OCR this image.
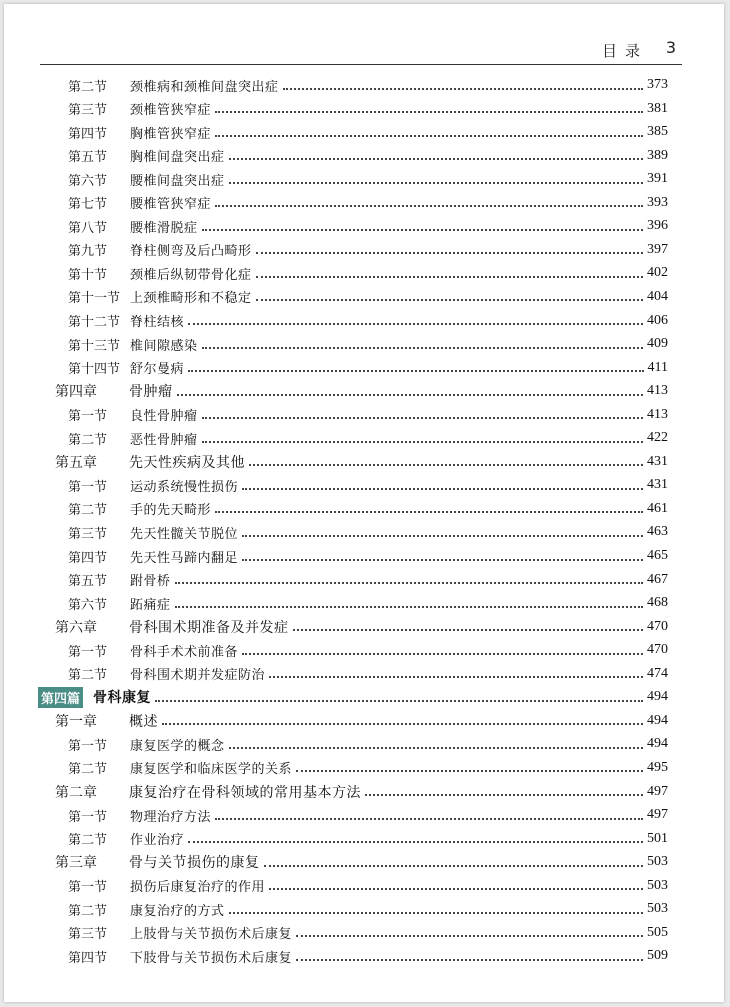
目录 3
第二节	颈椎病和颈椎间盘突出症	373
第三节	颈椎管狭窄症	381
第四节	胸椎管狭窄症	385
第五节	胸椎间盘突出症	389
第六节	腰椎间盘突出症	391
第七节	腰椎管狭窄症	393
第八节	腰椎滑脱症	396
第九节	脊柱侧弯及后凸畸形	397
第十节	颈椎后纵韧带骨化症	402
第十一节 上颈椎畸形和不稳定	404
第十二节 脊柱结核	406
第十三节 椎间隙感染	409
第十四节 舒尔曼病	411
第四章	骨肿瘤	413
第一节	良性骨肿瘤	413
第二节	恶性骨肿瘤	422
第五章	先天性疾病及其他	431
第一节	运动系统慢性损伤	431
第二节	手的先天畸形	461
第三节	先天性髋关节脱位	463
第四节	先天性马蹄内翻足	465
第五节	跗骨桥	467
第六节	跖痛症	468
第六章	骨科围术期准备及并发症	470
第一节	骨科手术术前准备	470
第二节	骨科围术期并发症防治	474
第四篇 骨科康复	494
第一章	概述	494
第一节	康复医学的概念	494
第二节	康复医学和临床医学的关系	495
第二章	康复治疗在骨科领域的常用基本方法	497
第一节	物理治疗方法	497
第二节	作业治疗	501
第三章	骨与关节损伤的康复	503
第一节	损伤后康复治疗的作用	503
第二节	康复治疗的方式	503
第三节	上肢骨与关节损伤术后康复	505
第四节	下肢骨与关节损伤术后康复	509
